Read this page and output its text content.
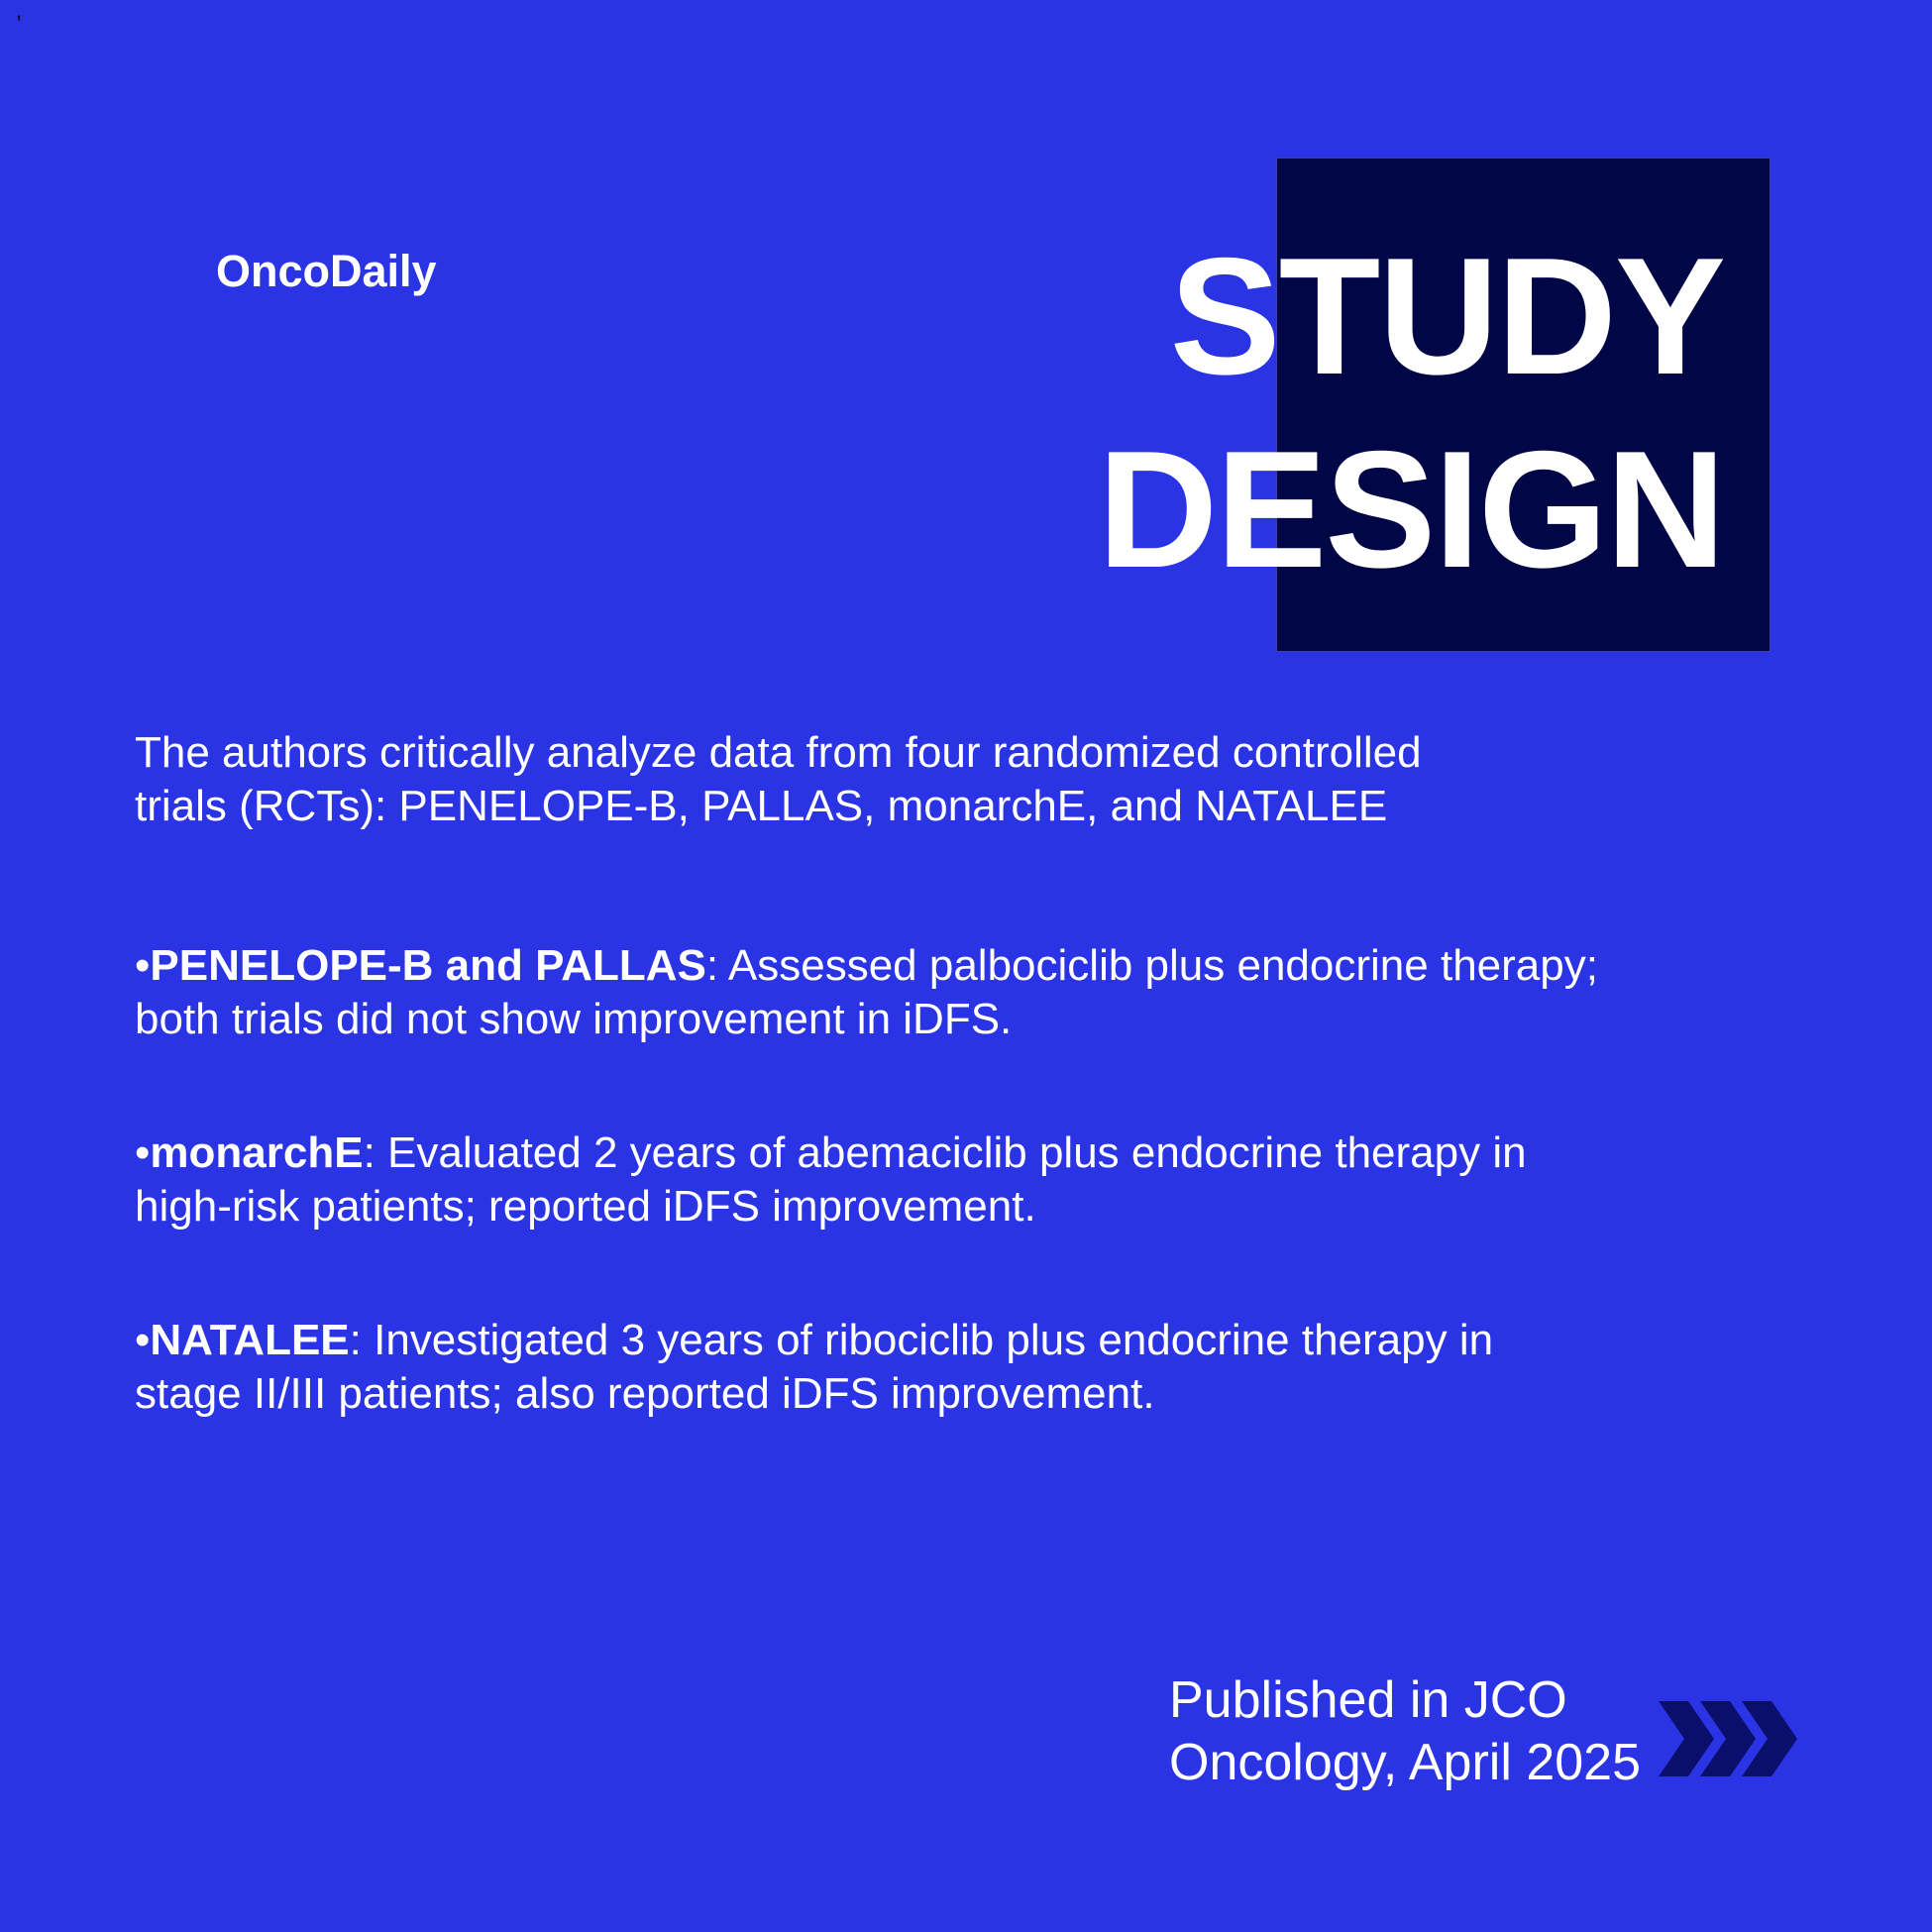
,
OncoDaily	STUDY
DESIGN
The authors critically analyze data from four randomized controlled
trials (RCTs): PENELOPE-B, PALLAS, monarchE, and NATALEE
•PENELOPE-B and PALLAS: Assessed palbociclib plus endocrine therapy;
both trials did not show improvement in iDFS.
•monarchE: Evaluated 2 years of abemaciclib plus endocrine therapy in
high-risk patients; reported iDFS improvement.
•NATALEE: Investigated 3 years of ribociclib plus endocrine therapy in
stage II/III patients; also reported iDFS improvement.
Published in JCO
Oncology, April 2025
